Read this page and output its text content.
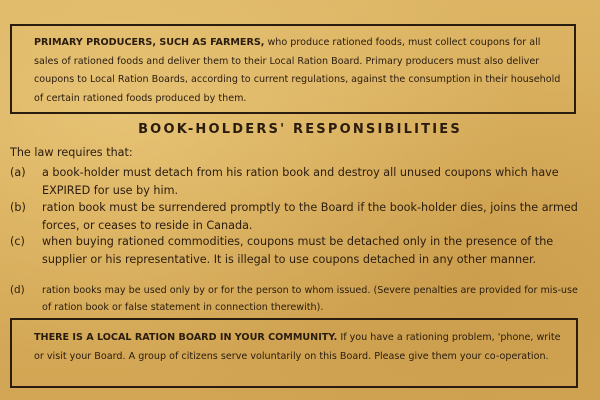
PRIMARY PRODUCERS, SUCH AS FARMERS, who produce rationed foods, must collect coupons for all sales of rationed foods and deliver them to their Local Ration Board. Primary producers must also deliver coupons to Local Ration Boards, according to current regulations, against the consumption in their household of certain rationed foods produced by them.
BOOK-HOLDERS' RESPONSIBILITIES
The law requires that:
(a)	a book-holder must detach from his ration book and destroy all unused coupons which have EXPIRED for use by him.
(b)	ration book must be surrendered promptly to the Board if the book-holder dies, joins the armed forces, or ceases to reside in Canada.
(c)	when buying rationed commodities, coupons must be detached only in the presence of the supplier or his representative. It is illegal to use coupons detached in any other manner.
(d)	ration books may be used only by or for the person to whom issued. (Severe penalties are provided for mis-use of ration book or false statement in connection therewith).
THERE IS A LOCAL RATION BOARD IN YOUR COMMUNITY. If you have a rationing problem, 'phone, write or visit your Board. A group of citizens serve voluntarily on this Board. Please give them your co-operation.
